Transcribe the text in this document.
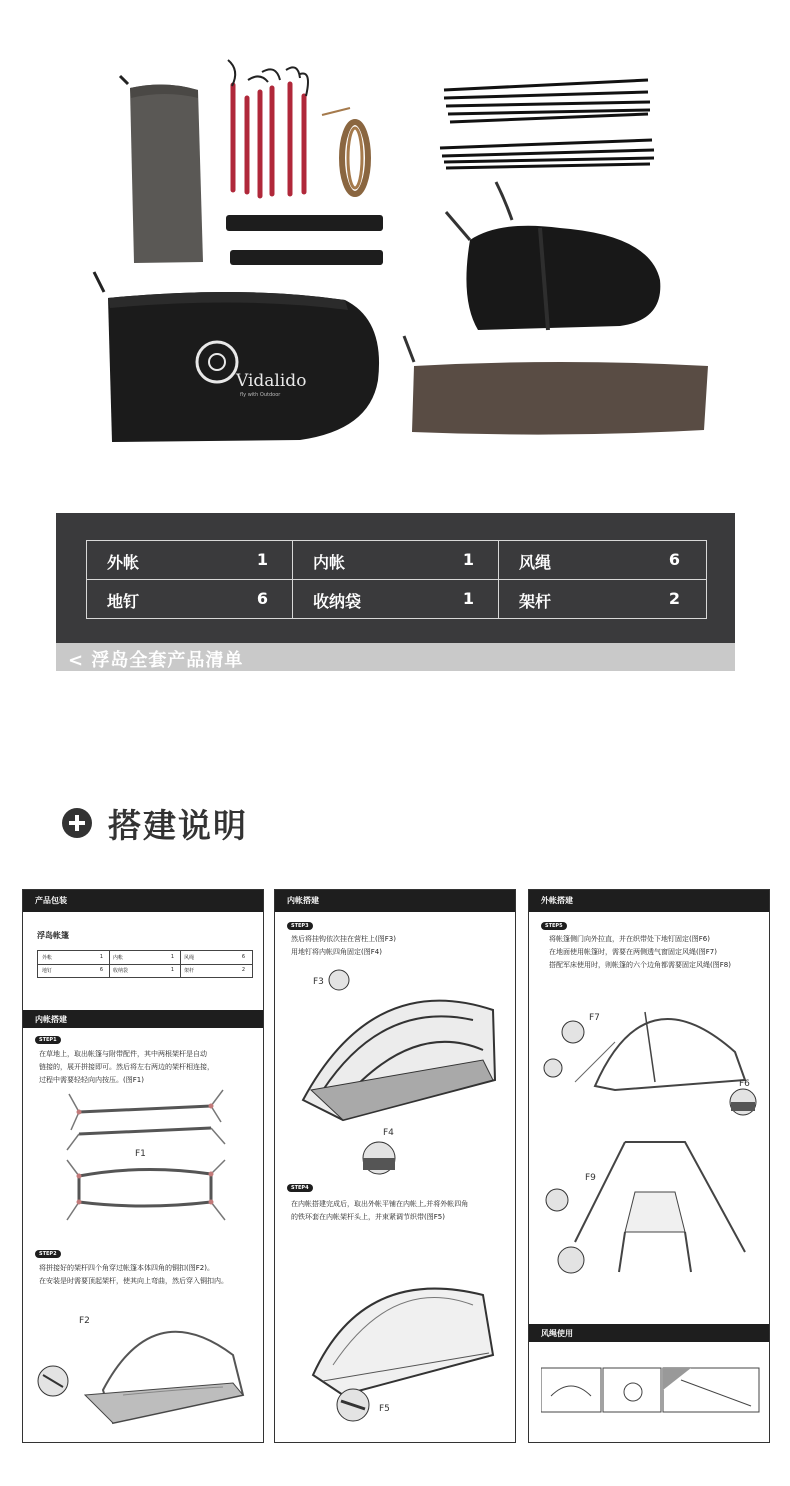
Vidalido
fly with Outdoor
外帐	1	内帐	1	风绳	6
地钉	6	收纳袋	1	架杆	2
< 浮岛全套产品清单
搭建说明
产品包装
浮岛帐篷
外帐	1 内帐	1 风绳	6
地钉	6 收纳袋	1 架杆	2
内帐搭建
STEP1
在草地上，取出帐篷与附带配件，其中两根架杆是自动
链接的，展开拼接即可。然后将左右两边的架杆相连接，
过程中需要轻轻向内按压。(图F1)
F1
STEP2
将拼接好的架杆四个角穿过帐篷本体四角的铜扣(图F2)。
在安装是时需要顶起架杆，使其向上弯曲，然后穿入铜扣内。
F2
内帐搭建
STEP3
然后将挂钩依次挂在营柱上(图F3)
用地钉将内帐四角固定(图F4)
F3
F4
STEP4
在内帐搭建完成后，取出外帐平铺在内帐上,并将外帐四角
的铁环套在内帐架杆头上，并束紧调节织带(图F5)
F5
外帐搭建
STEP5
将帐篷侧门向外拉直，并在织带处下地钉固定(图F6)
在地面使用帐篷时，需要在两侧透气窗固定风绳(图F7)
搭配军床使用时，则帐篷的六个边角都需要固定风绳(图F8)
F7
F6
F9
风绳使用
